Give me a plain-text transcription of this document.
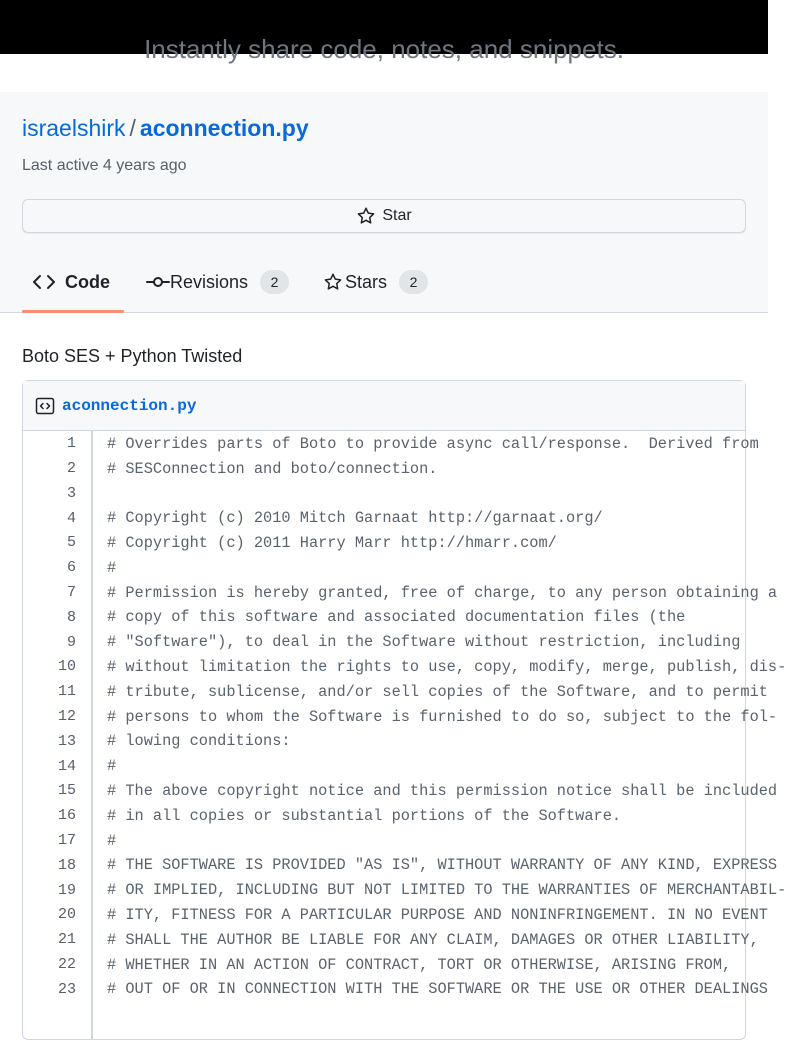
Instantly share code, notes, and snippets.
israelshirk / aconnection.py
Last active 4 years ago
Star
Code	Revisions	2	Stars	2
Boto SES + Python Twisted
aconnection.py
1 # Overrides parts of Boto to provide async call/response.  Derived from
2 # SESConnection and boto/connection.
3
4 # Copyright (c) 2010 Mitch Garnaat http://garnaat.org/
5 # Copyright (c) 2011 Harry Marr http://hmarr.com/
6 #
7 # Permission is hereby granted, free of charge, to any person obtaining a
8 # copy of this software and associated documentation files (the
9 # "Software"), to deal in the Software without restriction, including
10 # without limitation the rights to use, copy, modify, merge, publish, dis-
11 # tribute, sublicense, and/or sell copies of the Software, and to permit
12 # persons to whom the Software is furnished to do so, subject to the fol-
13 # lowing conditions:
14 #
15 # The above copyright notice and this permission notice shall be included
16 # in all copies or substantial portions of the Software.
17 #
18 # THE SOFTWARE IS PROVIDED "AS IS", WITHOUT WARRANTY OF ANY KIND, EXPRESS
19 # OR IMPLIED, INCLUDING BUT NOT LIMITED TO THE WARRANTIES OF MERCHANTABIL-
20 # ITY, FITNESS FOR A PARTICULAR PURPOSE AND NONINFRINGEMENT. IN NO EVENT
21 # SHALL THE AUTHOR BE LIABLE FOR ANY CLAIM, DAMAGES OR OTHER LIABILITY,
22 # WHETHER IN AN ACTION OF CONTRACT, TORT OR OTHERWISE, ARISING FROM,
23 # OUT OF OR IN CONNECTION WITH THE SOFTWARE OR THE USE OR OTHER DEALINGS
